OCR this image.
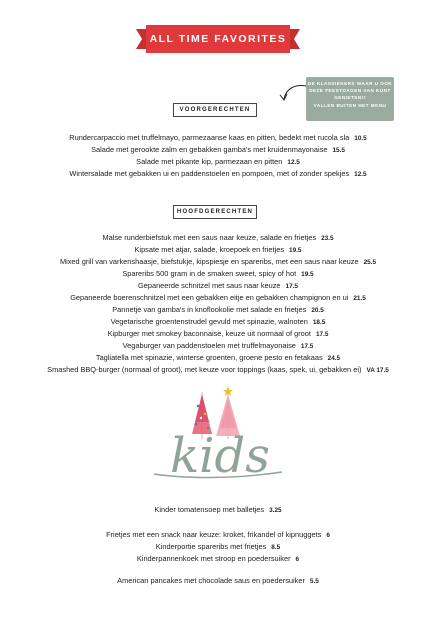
ALL TIME FAVORITES
DE KLASSIEKERS WAAR U OOK
DEZE FEESTDAGEN VAN KUNT
GENIETEN!!
VALLEN BUITEN HET MENU
VOORGERECHTEN
Rundercarpaccio met truffelmayo, parmezaanse kaas en pitten, bedekt met rucola sla 10.5
Salade met gerookte zalm en gebakken gamba's met kruidenmayonaise 15.5
Salade met pikante kip, parmezaan en pitten 12.5
Wintersalade met gebakken ui en paddenstoelen en pompoen, met of zonder spekjes 12.5
HOOFDGERECHTEN
Malse runderbiefstuk met een saus naar keuze, salade en frietjes 23.5
Kipsate met atjar, salade, kroepoek en frietjes 19.5
Mixed grill van varkenshaasje, biefstukje, kipspiesje en spareribs, met een saus naar keuze 25.5
Spareribs 500 gram in de smaken sweet, spicy of hot 19.5
Gepaneerde schnitzel met saus naar keuze 17.5
Gepaneerde boerenschnitzel met een gebakken eitje en gebakken champignon en ui 21.5
Pannetje van gamba's in knoflookolie met salade en frietjes 20.5
Vegetarische groentenstrudel gevuld met spinazie, walnoten 18.5
Kipburger met smokey baconnaise, keuze uit normaal of groot 17.5
Vegaburger van paddenstoelen met truffelmayonaise 17.5
Tagliatella met spinazie, winterse groenten, groene pesto en fetakaas 24.5
Smashed BBQ-burger (normaal of groot), met keuze voor toppings (kaas, spek, ui, gebakken ei) VA 17.5
kids
Kinder tomatensoep met balletjes 3.25
Frietjes met een snack naar keuze: kroket, frikandel of kipnuggets 6
Kinderportie spareribs met frietjes 8.5
Kinderpannenkoek met stroop en poedersuiker 6
American pancakes met chocolade saus en poedersuiker 5.5
